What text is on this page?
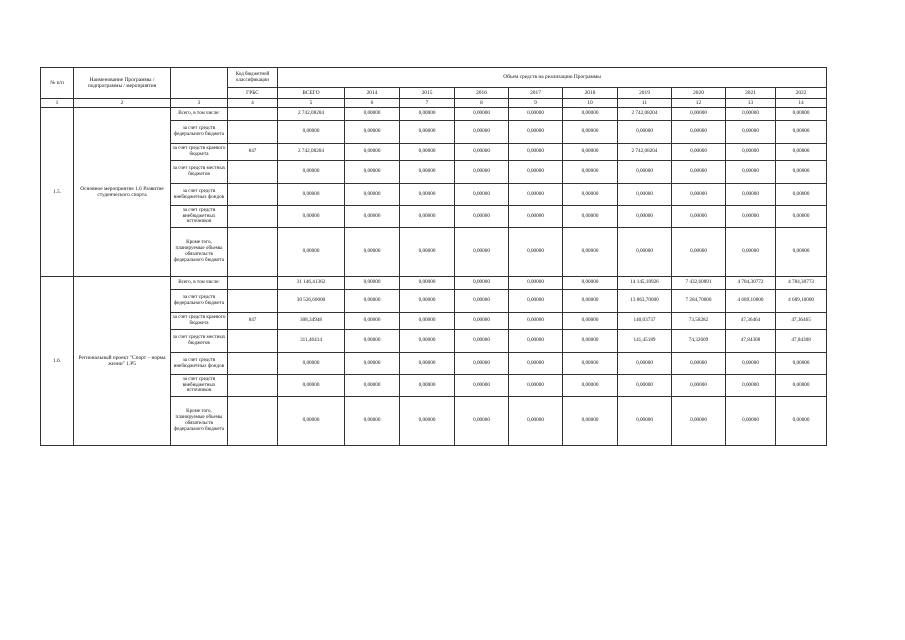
№ п/п	Наименование Программы / подпрограммы / мероприятия		Код бюджетной классификации	Объем средств на реализацию Программы									
			ГРБС	ВСЕГО	2014	2015	2016	2017	2018	2019	2020	2021	2022
1	2	3	4	5	6	7	8	9	10	11	12	13	14
1.5.	Основное мероприятие 1.6 Развитие студенческого спорта	Всего, в том числе:		2 742,08204	0,00000	0,00000	0,00000	0,00000	0,00000	2 742,08204	0,00000	0,00000	0,00000
		за счет средств федерального бюджета		0,00000	0,00000	0,00000	0,00000	0,00000	0,00000	0,00000	0,00000	0,00000	0,00000
		за счет средств краевого бюджета	847	2 742,08204	0,00000	0,00000	0,00000	0,00000	0,00000	2 742,08204	0,00000	0,00000	0,00000
		за счет средств местных бюджетов		0,00000	0,00000	0,00000	0,00000	0,00000	0,00000	0,00000	0,00000	0,00000	0,00000
		за счет средств внебюджетных фондов		0,00000	0,00000	0,00000	0,00000	0,00000	0,00000	0,00000	0,00000	0,00000	0,00000
		за счет средств внебюджетных источников		0,00000	0,00000	0,00000	0,00000	0,00000	0,00000	0,00000	0,00000	0,00000	0,00000
		Кроме того, планируемые объемы обязательств федерального бюджета		0,00000	0,00000	0,00000	0,00000	0,00000	0,00000	0,00000	0,00000	0,00000	0,00000
1.6.	Региональный проект "Спорт – норма жизни" 1.P5	Всего, в том числе:		31 146,41362	0,00000	0,00000	0,00000	0,00000	0,00000	14 145,18926	7 432,60891	4 784,30772	4 784,30773
		за счет средств федерального бюджета		30 526,60000	0,00000	0,00000	0,00000	0,00000	0,00000	13 863,70000	7 284,70000	4 689,10000	4 689,10000
		за счет средств краевого бюджета	847	308,34948	0,00000	0,00000	0,00000	0,00000	0,00000	140,03737	73,58282	47,36464	47,36465
		за счет средств местных бюджетов		311,46414	0,00000	0,00000	0,00000	0,00000	0,00000	141,45189	74,32609	47,84308	47,84308
		за счет средств внебюджетных фондов		0,00000	0,00000	0,00000	0,00000	0,00000	0,00000	0,00000	0,00000	0,00000	0,00000
		за счет средств внебюджетных источников		0,00000	0,00000	0,00000	0,00000	0,00000	0,00000	0,00000	0,00000	0,00000	0,00000
		Кроме того, планируемые объемы обязательств федерального бюджета		0,00000	0,00000	0,00000	0,00000	0,00000	0,00000	0,00000	0,00000	0,00000	0,00000
